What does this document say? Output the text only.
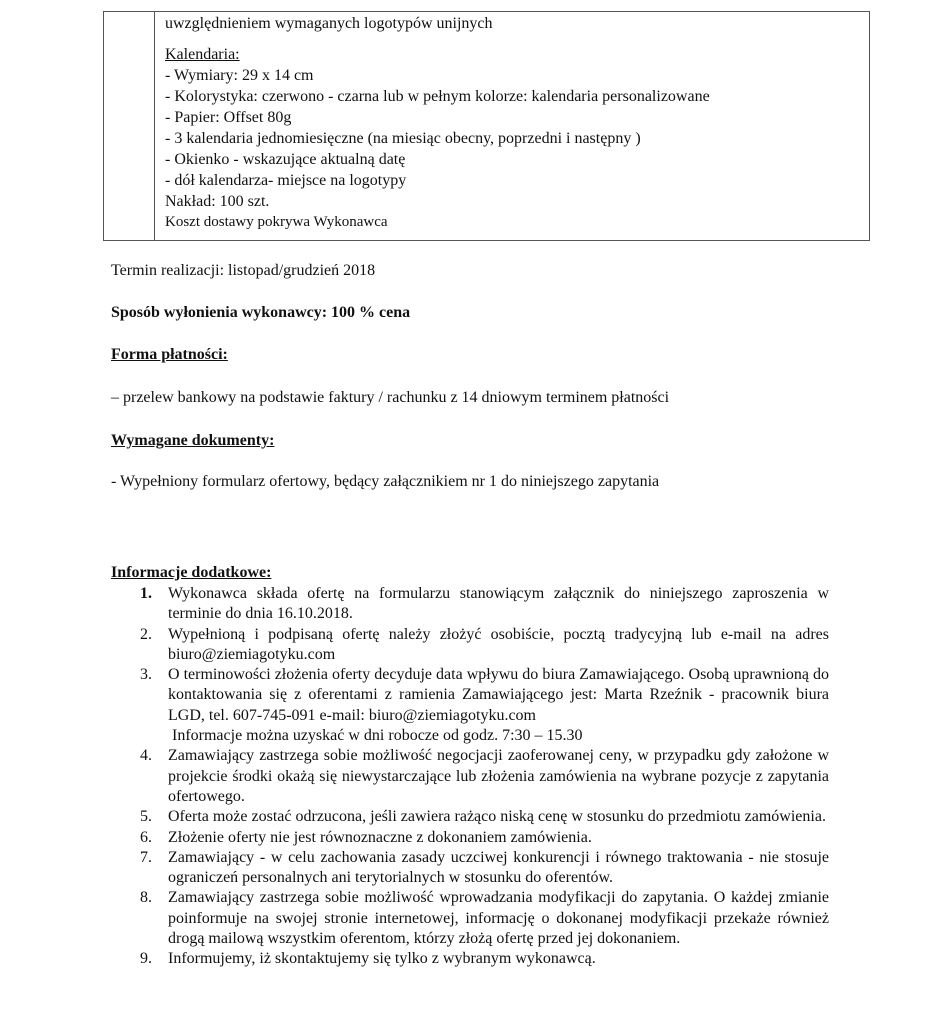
uwzględnieniem wymaganych logotypów unijnych
Kalendaria:
- Wymiary: 29 x 14 cm
- Kolorystyka: czerwono - czarna lub w pełnym kolorze: kalendaria personalizowane
- Papier: Offset 80g
- 3 kalendaria jednomiesięczne (na miesiąc obecny, poprzedni i następny )
- Okienko - wskazujące aktualną datę
- dół kalendarza- miejsce na logotypy
Nakład: 100 szt.
Koszt dostawy pokrywa Wykonawca
Termin realizacji: listopad/grudzień 2018
Sposób wyłonienia wykonawcy: 100 % cena
Forma płatności:
– przelew bankowy na podstawie faktury / rachunku z 14 dniowym terminem płatności
Wymagane dokumenty:
- Wypełniony formularz ofertowy, będący załącznikiem nr 1 do niniejszego zapytania
Informacje dodatkowe:
1. Wykonawca składa ofertę na formularzu stanowiącym załącznik do niniejszego zaproszenia w terminie do dnia 16.10.2018.
2. Wypełnioną i podpisaną ofertę należy złożyć osobiście, pocztą tradycyjną lub e-mail na adres biuro@ziemiagotyku.com
3. O terminowości złożenia oferty decyduje data wpływu do biura Zamawiającego. Osobą uprawnioną do kontaktowania się z oferentami z ramienia Zamawiającego jest: Marta Rzeźnik - pracownik biura LGD, tel. 607-745-091 e-mail: biuro@ziemiagotyku.com
Informacje można uzyskać w dni robocze od godz. 7:30 – 15.30
4. Zamawiający zastrzega sobie możliwość negocjacji zaoferowanej ceny, w przypadku gdy założone w projekcie środki okażą się niewystarczające lub złożenia zamówienia na wybrane pozycje z zapytania ofertowego.
5. Oferta może zostać odrzucona, jeśli zawiera rażąco niską cenę w stosunku do przedmiotu zamówienia.
6. Złożenie oferty nie jest równoznaczne z dokonaniem zamówienia.
7. Zamawiający - w celu zachowania zasady uczciwej konkurencji i równego traktowania - nie stosuje ograniczeń personalnych ani terytorialnych w stosunku do oferentów.
8. Zamawiający zastrzega sobie możliwość wprowadzania modyfikacji do zapytania. O każdej zmianie poinformuje na swojej stronie internetowej, informację o dokonanej modyfikacji przekaże również drogą mailową wszystkim oferentom, którzy złożą ofertę przed jej dokonaniem.
9. Informujemy, iż skontaktujemy się tylko z wybranym wykonawcą.
